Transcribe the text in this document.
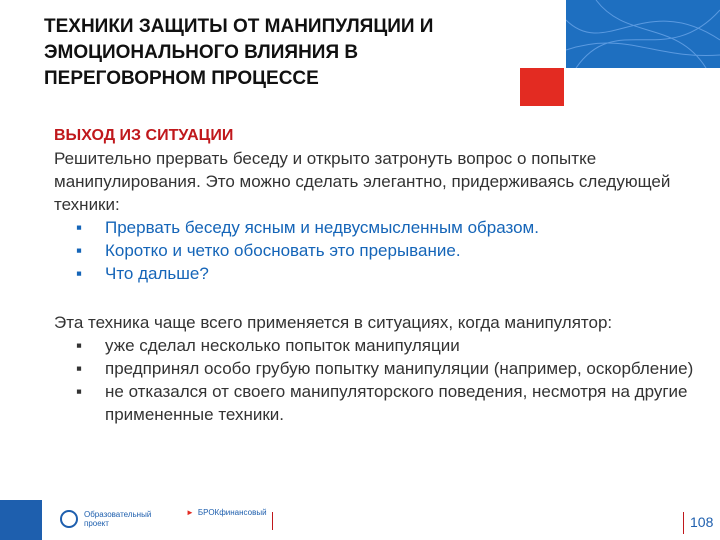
ТЕХНИКИ ЗАЩИТЫ ОТ МАНИПУЛЯЦИИ И
ЭМОЦИОНАЛЬНОГО ВЛИЯНИЯ В
ПЕРЕГОВОРНОМ ПРОЦЕССЕ
ВЫХОД ИЗ СИТУАЦИИ

Решительно прервать беседу и открыто затронуть вопрос о попытке манипулирования. Это можно сделать элегантно, придерживаясь следующей техники:

▪ Прервать беседу ясным и недвусмысленным образом.
▪ Коротко и четко обосновать это прерывание.
▪ Что дальше?

Эта техника чаще всего применяется в ситуациях, когда манипулятор:

▪ уже сделал несколько попыток манипуляции
▪ предпринял особо грубую попытку манипуляции (например, оскорбление)
▪ не отказался от своего манипуляторского поведения, несмотря на другие примененные техники.
Образовательный проект
► БРОКфинансовый
108
